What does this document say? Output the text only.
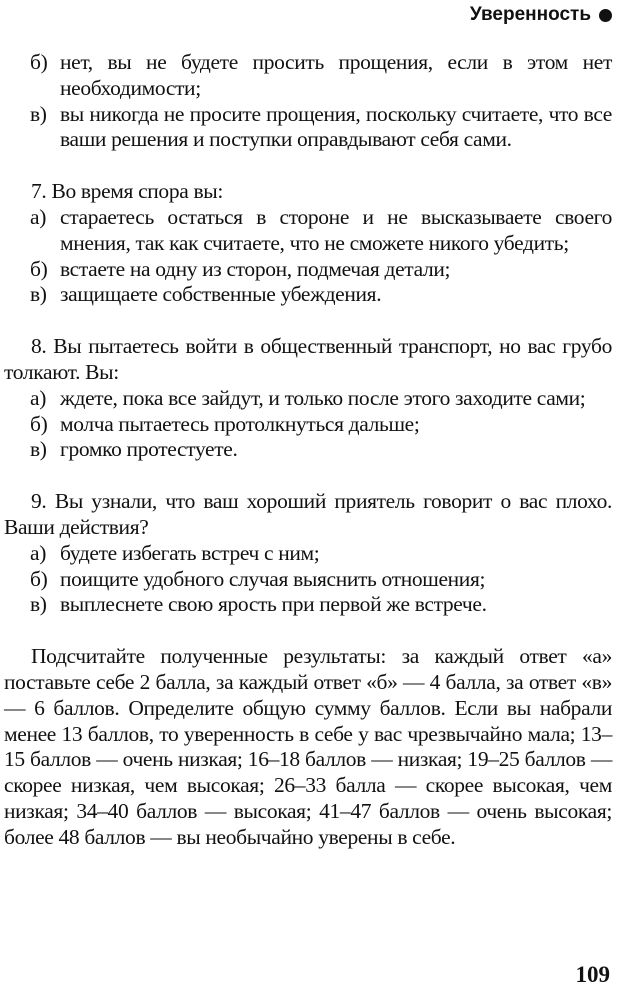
Уверенность
б) нет, вы не будете просить прощения, если в этом нет необходимости;
в) вы никогда не просите прощения, поскольку считаете, что все ваши решения и поступки оправдывают себя сами.
7. Во время спора вы:
а) стараетесь остаться в стороне и не высказываете своего мнения, так как считаете, что не сможете никого убедить;
б) встаете на одну из сторон, подмечая детали;
в) защищаете собственные убеждения.
8. Вы пытаетесь войти в общественный транспорт, но вас грубо толкают. Вы:
а) ждете, пока все зайдут, и только после этого заходите сами;
б) молча пытаетесь протолкнуться дальше;
в) громко протестуете.
9. Вы узнали, что ваш хороший приятель говорит о вас плохо. Ваши действия?
а) будете избегать встреч с ним;
б) поищите удобного случая выяснить отношения;
в) выплеснете свою ярость при первой же встрече.
Подсчитайте полученные результаты: за каждый ответ «а» поставьте себе 2 балла, за каждый ответ «б» — 4 балла, за ответ «в» — 6 баллов. Определите общую сумму баллов. Если вы набрали менее 13 баллов, то уверенность в себе у вас чрезвычайно мала; 13–15 баллов — очень низкая; 16–18 баллов — низкая; 19–25 баллов — скорее низкая, чем высокая; 26–33 балла — скорее высокая, чем низкая; 34–40 баллов — высокая; 41–47 баллов — очень высокая; более 48 баллов — вы необычайно уверены в себе.
109
